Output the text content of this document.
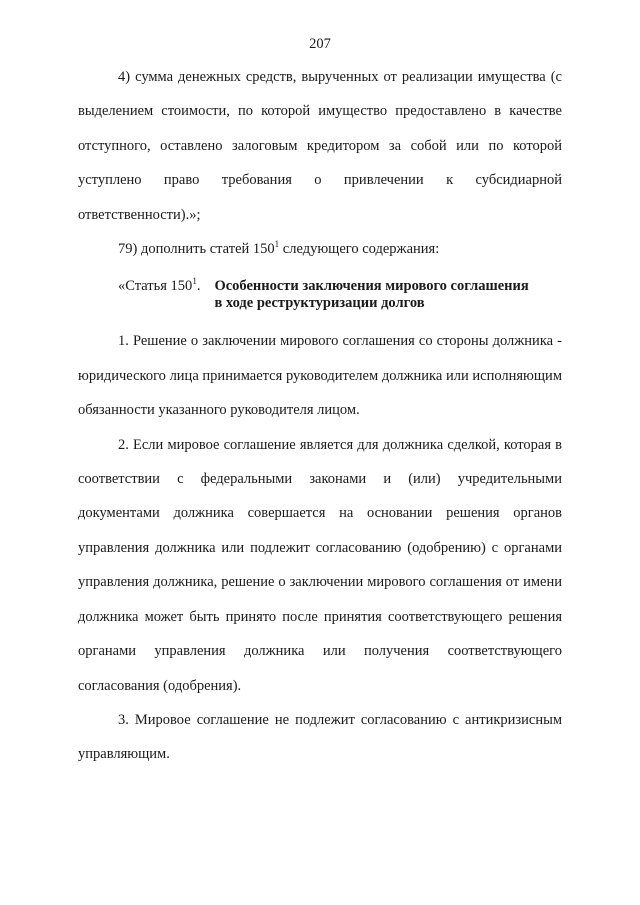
207

4) сумма денежных средств, вырученных от реализации имущества (с выделением стоимости, по которой имущество предоставлено в качестве отступного, оставлено залоговым кредитором за собой или по которой уступлено право требования о привлечении к субсидиарной ответственности).»;

79) дополнить статей $150^1$ следующего содержания:

«Статья $150^1$. Особенности заключения мирового соглашения
в ходе реструктуризации долгов

1. Решение о заключении мирового соглашения со стороны должника - юридического лица принимается руководителем должника или исполняющим обязанности указанного руководителя лицом.

2. Если мировое соглашение является для должника сделкой, которая в соответствии с федеральными законами и (или) учредительными документами должника совершается на основании решения органов управления должника или подлежит согласованию (одобрению) с органами управления должника, решение о заключении мирового соглашения от имени должника может быть принято после принятия соответствующего решения органами управления должника или получения соответствующего согласования (одобрения).

3. Мировое соглашение не подлежит согласованию с антикризисным управляющим.
